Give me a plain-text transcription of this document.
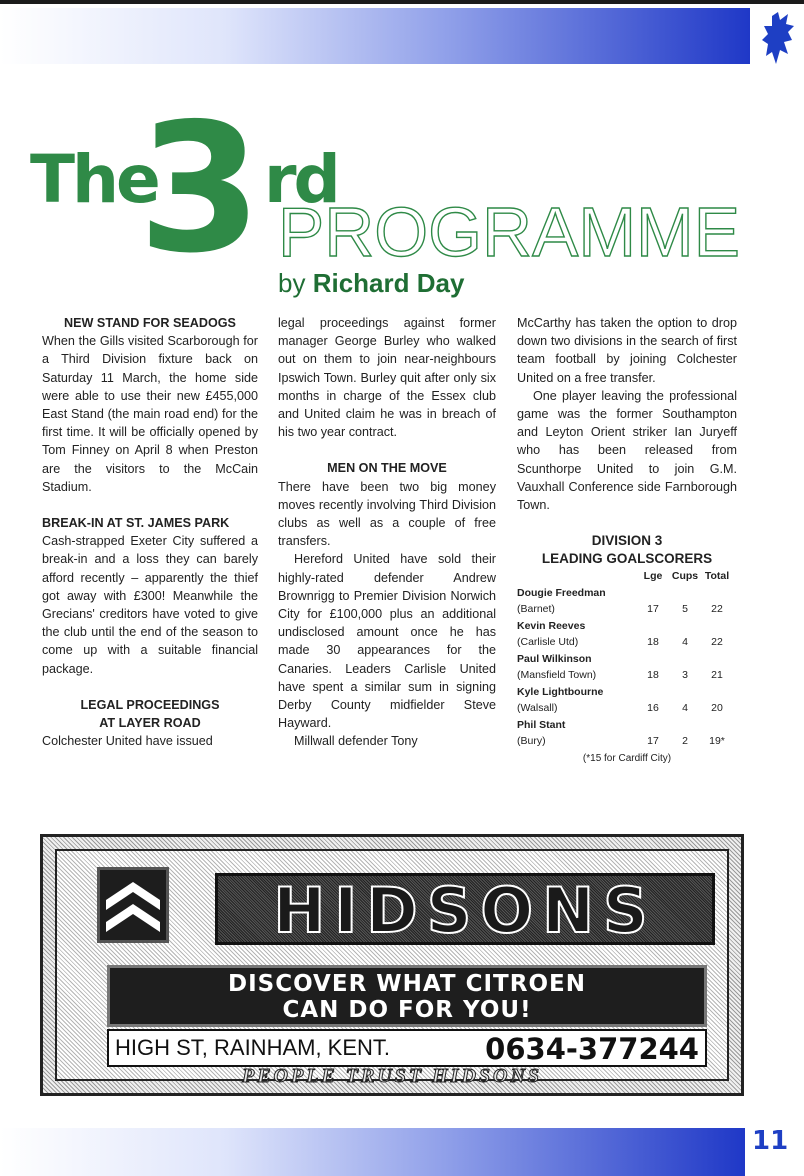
The
3 rd
PROGRAMME
by Richard Day

NEW STAND FOR SEADOGS

When the Gills visited Scarborough for a Third Division fixture back on Saturday 11 March, the home side were able to use their new £455,000 East Stand (the main road end) for the first time. It will be officially opened by Tom Finney on April 8 when Preston are the visitors to the McCain Stadium.

BREAK-IN AT ST. JAMES PARK

Cash-strapped Exeter City suffered a break-in and a loss they can barely afford recently – apparently the thief got away with £300! Meanwhile the Grecians' creditors have voted to give the club until the end of the season to come up with a suitable financial package.

LEGAL PROCEEDINGS

AT LAYER ROAD

Colchester United have issued

legal proceedings against former manager George Burley who walked out on them to join near-neighbours Ipswich Town. Burley quit after only six months in charge of the Essex club and United claim he was in breach of his two year contract.

MEN ON THE MOVE

There have been two big money moves recently involving Third Division clubs as well as a couple of free transfers.

Hereford United have sold their highly-rated defender Andrew Brownrigg to Premier Division Norwich City for £100,000 plus an additional undisclosed amount once he has made 30 appearances for the Canaries. Leaders Carlisle United have spent a similar sum in signing Derby County midfielder Steve Hayward.

Millwall defender Tony

McCarthy has taken the option to drop down two divisions in the search of first team football by joining Colchester United on a free transfer.

One player leaving the professional game was the former Southampton and Leyton Orient striker Ian Juryeff who has been released from Scunthorpe United to join G.M. Vauxhall Conference side Farnborough Town.

DIVISION 3

LEADING GOALSCORERS

	Lge	Cups	Total

Dougie Freedman
(Barnet)	17	5	22

Kevin Reeves
(Carlisle Utd)	18	4	22

Paul Wilkinson
(Mansfield Town)	18	3	21

Kyle Lightbourne
(Walsall)	16	4	20

Phil Stant
(Bury)	17	2	19*

(*15 for Cardiff City)

HIDSONS
DISCOVER WHAT CITROEN
CAN DO FOR YOU!
HIGH ST, RAINHAM, KENT.	0634-377244
PEOPLE TRUST HIDSONS
11
